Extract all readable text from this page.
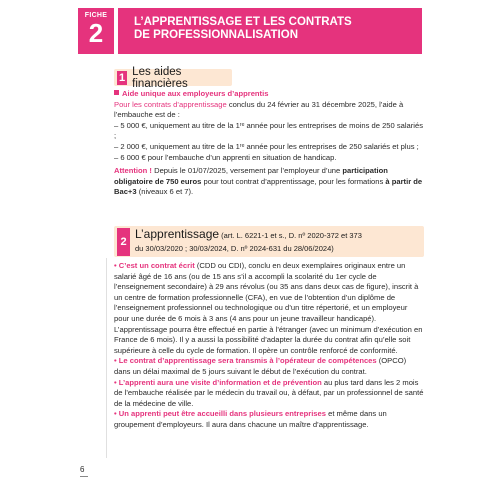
FICHE
2	L’APPRENTISSAGE ET LES CONTRATS
DE PROFESSIONNALISATION
1 Les aides financières
Aide unique aux employeurs d’apprentis
Pour les contrats d’apprentissage conclus du 24 février au 31 décembre 2025, l’aide à l’embauche est de :
– 5 000 €, uniquement au titre de la 1ʳᵉ année pour les entreprises de moins de 250 salariés ;
– 2 000 €, uniquement au titre de la 1ʳᵉ année pour les entreprises de 250 salariés et plus ;
– 6 000 € pour l’embauche d’un apprenti en situation de handicap.
Attention ! Depuis le 01/07/2025, versement par l’employeur d’une participation obligatoire de 750 euros pour tout contrat d’apprentissage, pour les formations à partir de Bac+3 (niveaux 6 et 7).
2
L’apprentissage (art. L. 6221-1 et s., D. nº 2020-372 et 373
du 30/03/2020 ; 30/03/2024, D. nº 2024-631 du 28/06/2024)
• C’est un contrat écrit (CDD ou CDI), conclu en deux exemplaires originaux entre un salarié âgé de 16 ans (ou de 15 ans s’il a accompli la scolarité du 1er cycle de l’enseignement secondaire) à 29 ans révolus (ou 35 ans dans deux cas de figure), inscrit à un centre de formation professionnelle (CFA), en vue de l’obtention d’un diplôme de l’enseignement professionnel ou technologique ou d’un titre répertorié, et un employeur pour une durée de 6 mois à 3 ans (4 ans pour un jeune travailleur handicapé). L’apprentissage pourra être effectué en partie à l’étranger (avec un minimum d’exécution en France de 6 mois). Il y a aussi la possibilité d’adapter la durée du contrat afin qu’elle soit supérieure à celle du cycle de formation. Il opère un contrôle renforcé de conformité.
• Le contrat d’apprentissage sera transmis à l’opérateur de compétences (OPCO) dans un délai maximal de 5 jours suivant le début de l’exécution du contrat.
• L’apprenti aura une visite d’information et de prévention au plus tard dans les 2 mois de l’embauche réalisée par le médecin du travail ou, à défaut, par un professionnel de santé de la médecine de ville.
• Un apprenti peut être accueilli dans plusieurs entreprises et même dans un groupement d’employeurs. Il aura dans chacune un maître d’apprentissage.
6
